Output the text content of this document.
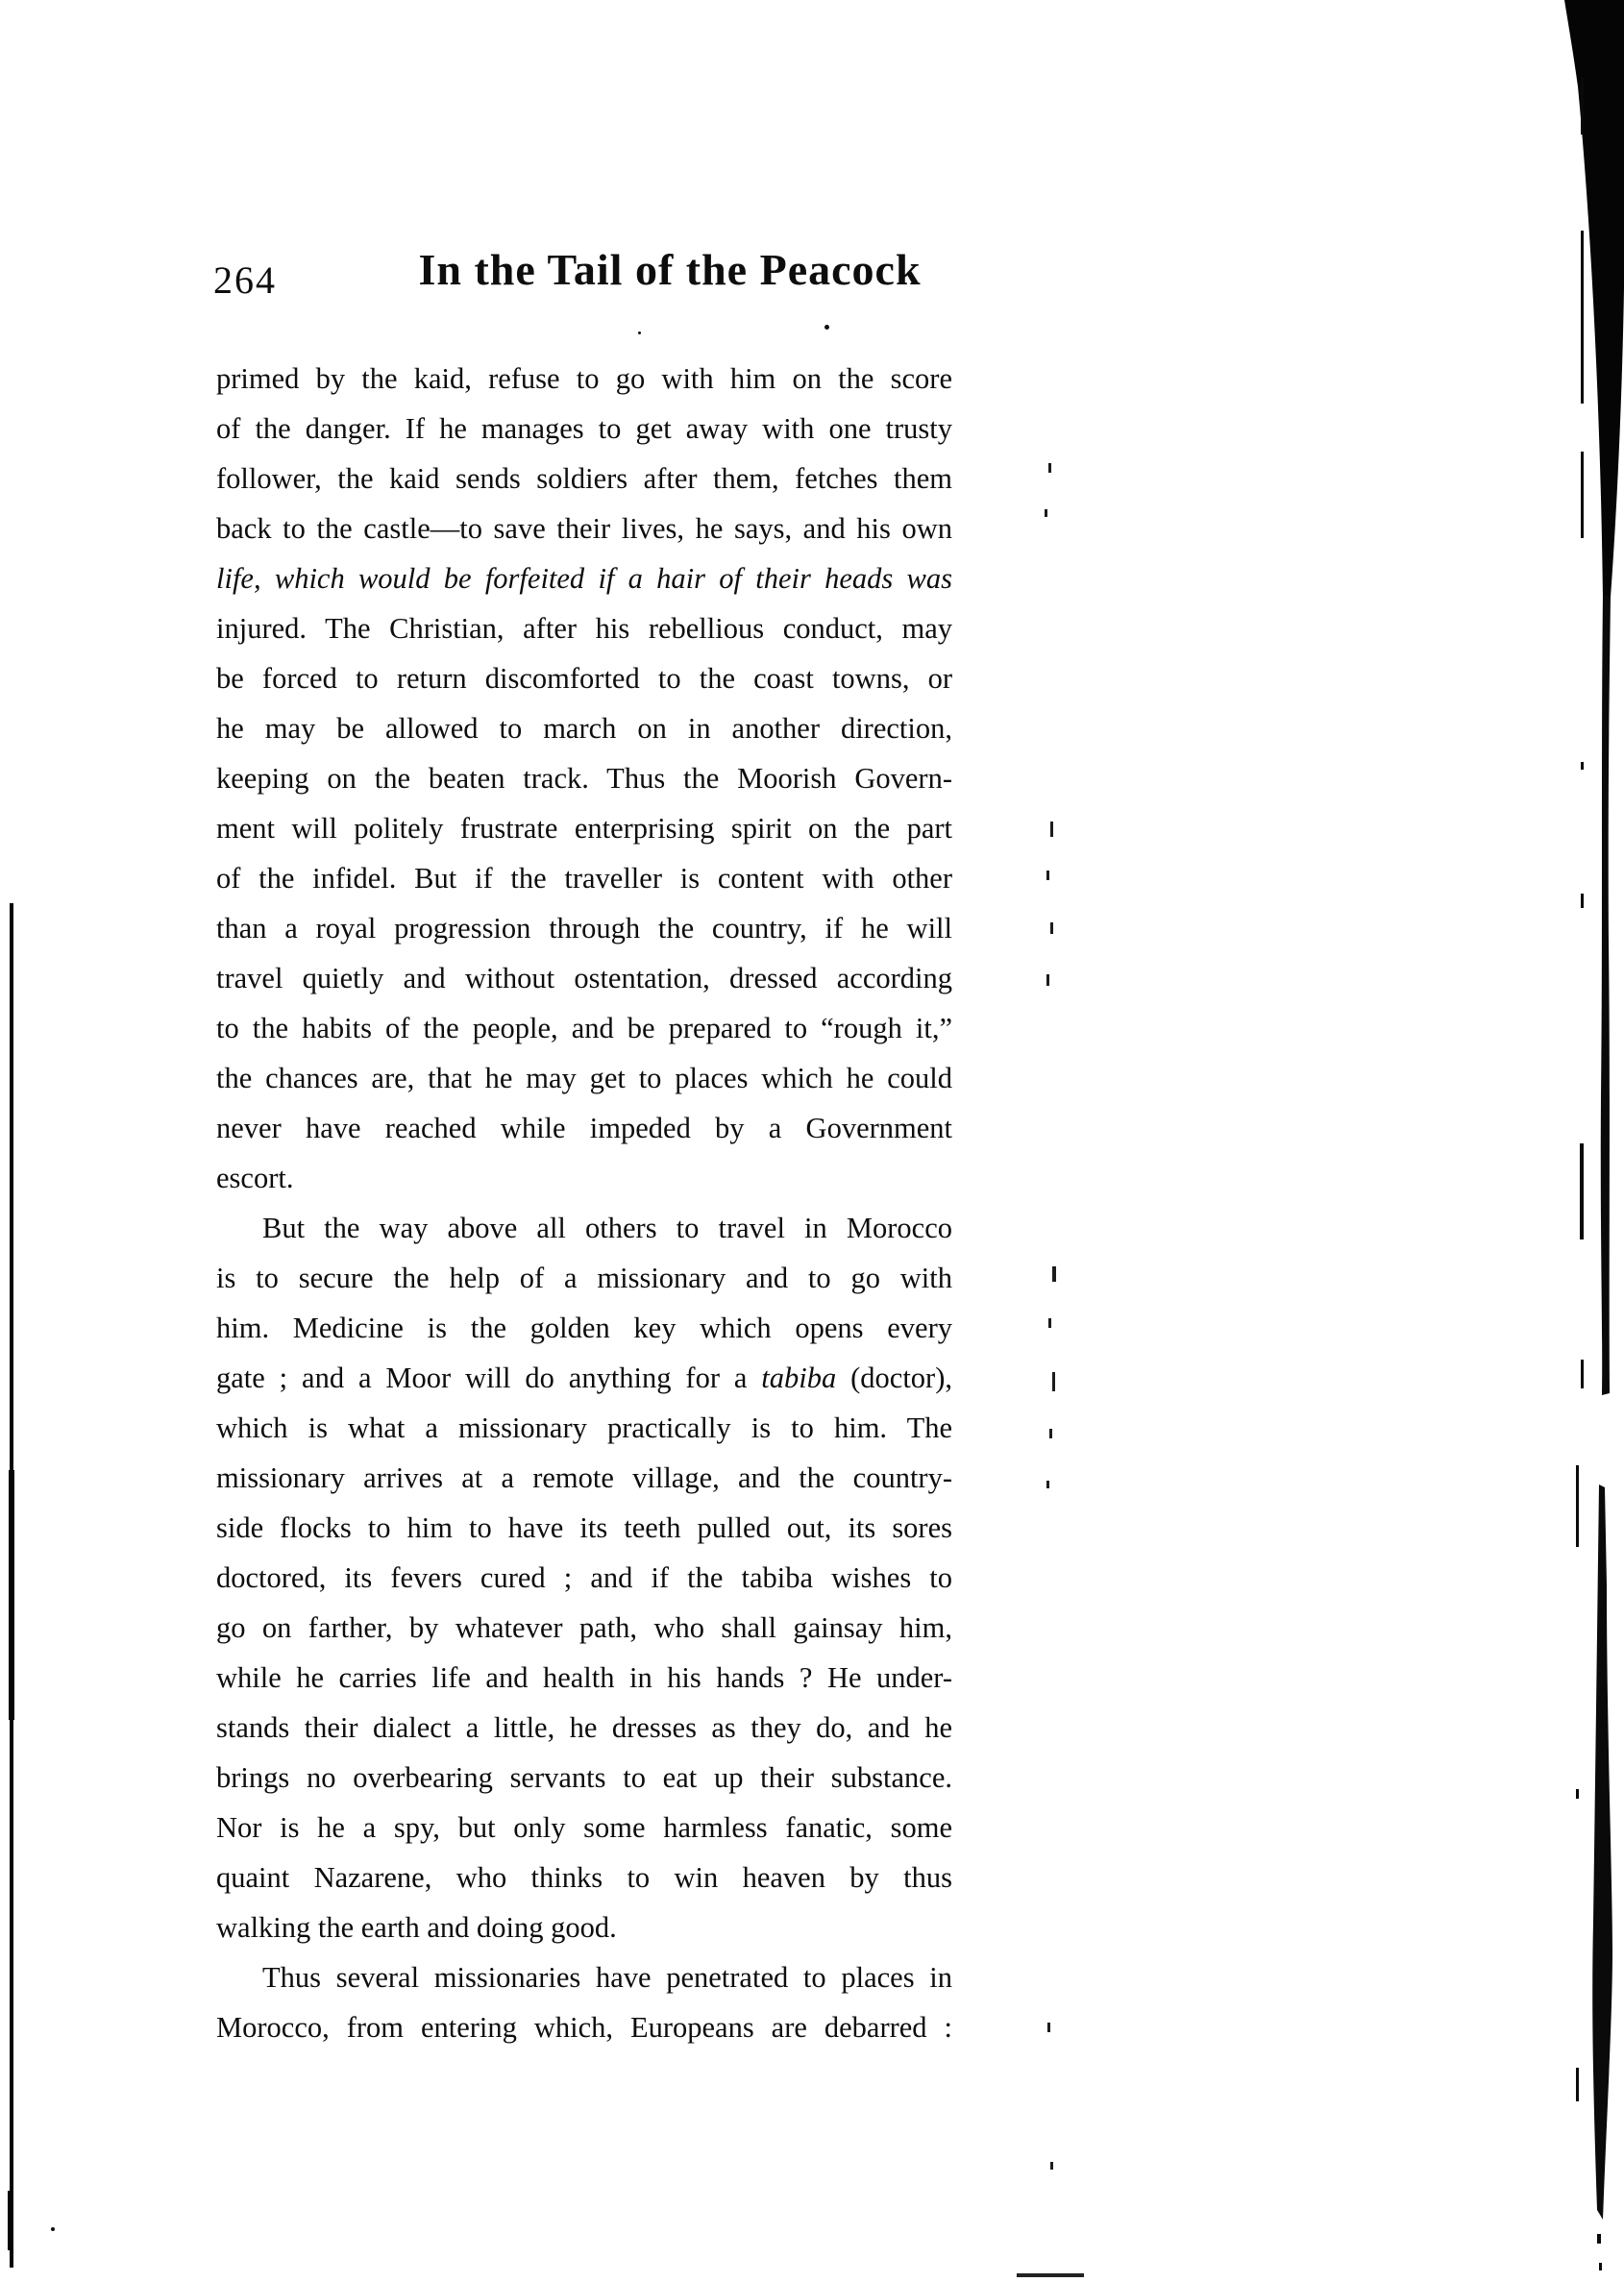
264	In the Tail of the Peacock
primed by the kaid, refuse to go with him on the score
of the danger. If he manages to get away with one trusty
follower, the kaid sends soldiers after them, fetches them
back to the castle—to save their lives, he says, and his own
life, which would be forfeited if a hair of their heads was
injured. The Christian, after his rebellious conduct, may
be forced to return discomforted to the coast towns, or
he may be allowed to march on in another direction,
keeping on the beaten track. Thus the Moorish Govern-
ment will politely frustrate enterprising spirit on the part
of the infidel. But if the traveller is content with other
than a royal progression through the country, if he will
travel quietly and without ostentation, dressed according
to the habits of the people, and be prepared to “rough it,”
the chances are, that he may get to places which he could
never have reached while impeded by a Government
escort.
But the way above all others to travel in Morocco
is to secure the help of a missionary and to go with
him. Medicine is the golden key which opens every
gate ; and a Moor will do anything for a tabiba (doctor),
which is what a missionary practically is to him. The
missionary arrives at a remote village, and the country-
side flocks to him to have its teeth pulled out, its sores
doctored, its fevers cured ; and if the tabiba wishes to
go on farther, by whatever path, who shall gainsay him,
while he carries life and health in his hands ? He under-
stands their dialect a little, he dresses as they do, and he
brings no overbearing servants to eat up their substance.
Nor is he a spy, but only some harmless fanatic, some
quaint Nazarene, who thinks to win heaven by thus
walking the earth and doing good.
Thus several missionaries have penetrated to places in
Morocco, from entering which, Europeans are debarred :
